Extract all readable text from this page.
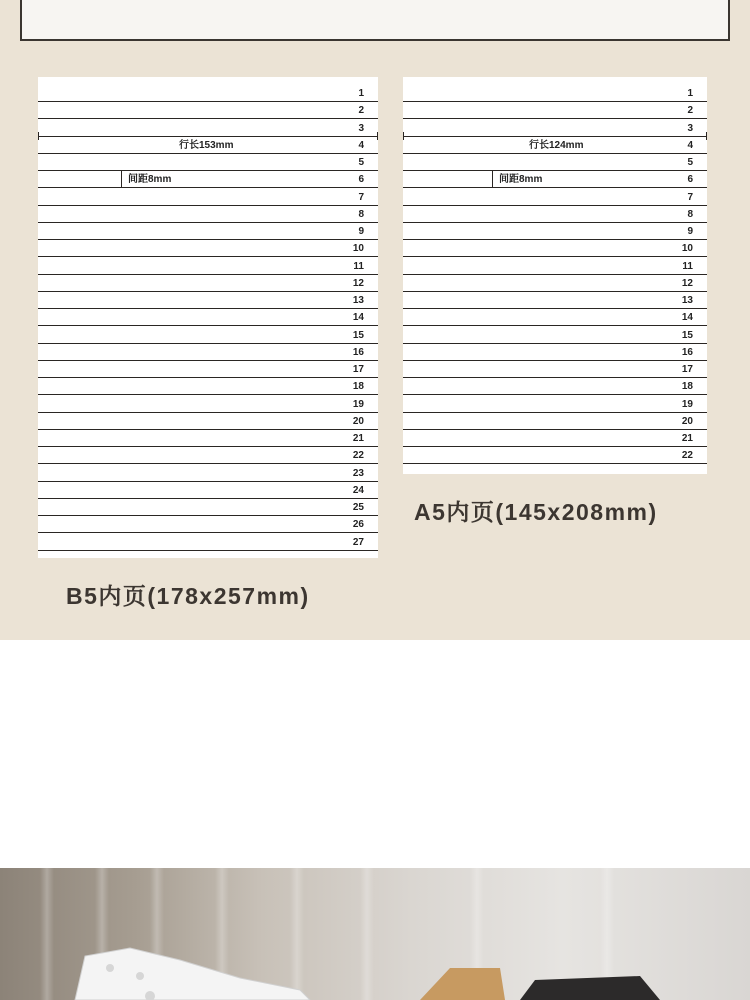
1
2
3
4
5
6
7
8
9
10
11
12
13
14
15
16
17
18
19
20
21
22
23
24
25
26
27
行长153mm
间距8mm
B5内页(178x257mm)
1
2
3
4
5
6
7
8
9
10
11
12
13
14
15
16
17
18
19
20
21
22
行长124mm
间距8mm
A5内页(145x208mm)
